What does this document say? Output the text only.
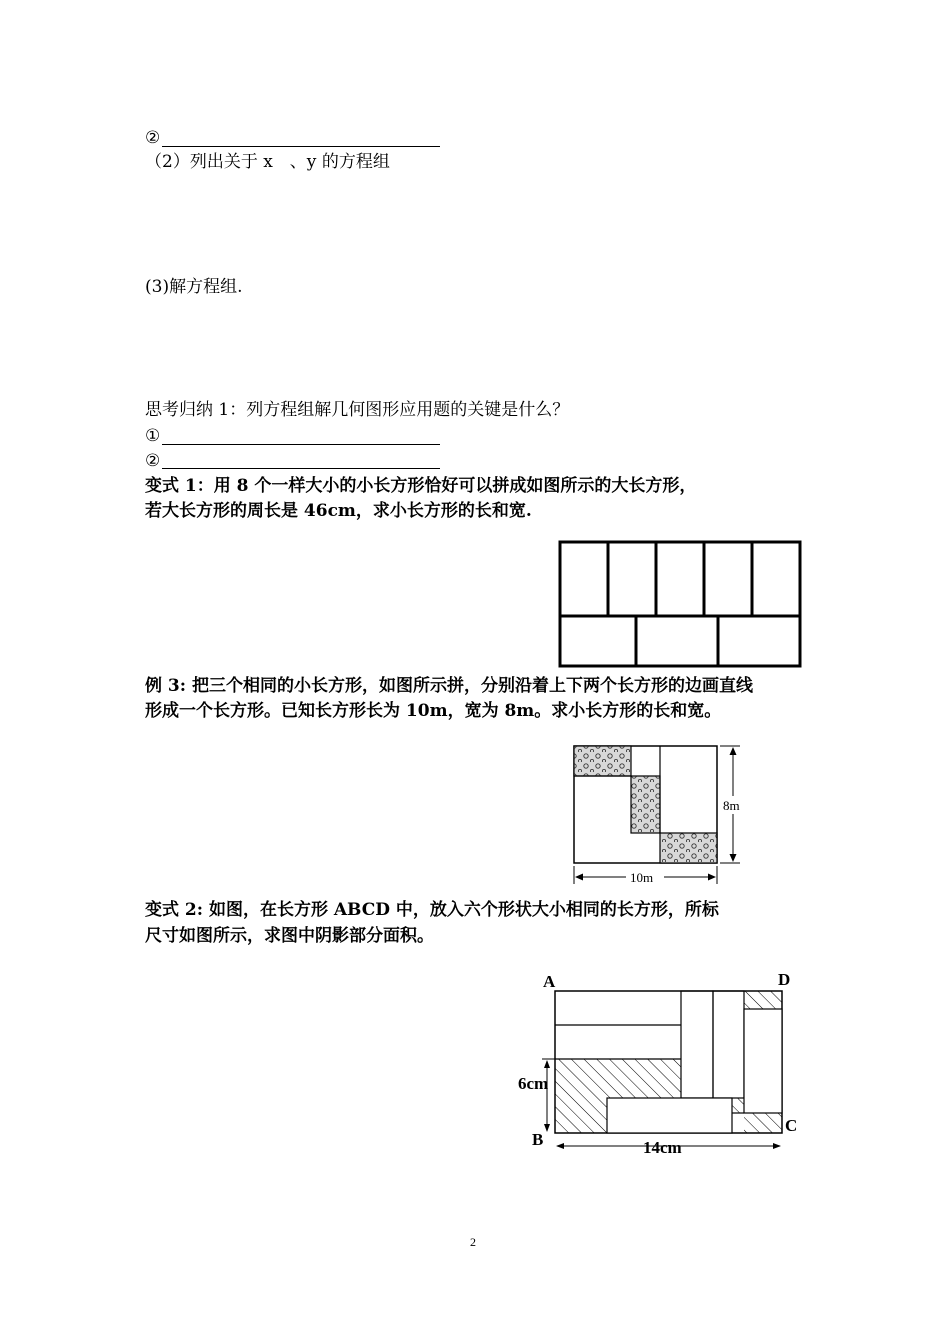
②
（2）列出关于 x　、y 的方程组
(3)解方程组.
思考归纳 1：列方程组解几何图形应用题的关键是什么？
①
②
变式 1：用 8 个一样大小的小长方形恰好可以拼成如图所示的大长方形，
若大长方形的周长是 46cm，求小长方形的长和宽.
例 3: 把三个相同的小长方形，如图所示拼，分别沿着上下两个长方形的边画直线
形成一个长方形。已知长方形长为 10m，宽为 8m。求小长方形的长和宽。
8m
10m
变式 2: 如图，在长方形 ABCD 中，放入六个形状大小相同的长方形，所标
尺寸如图所示，求图中阴影部分面积。
A	D
B
C
6cm
14cm
2
